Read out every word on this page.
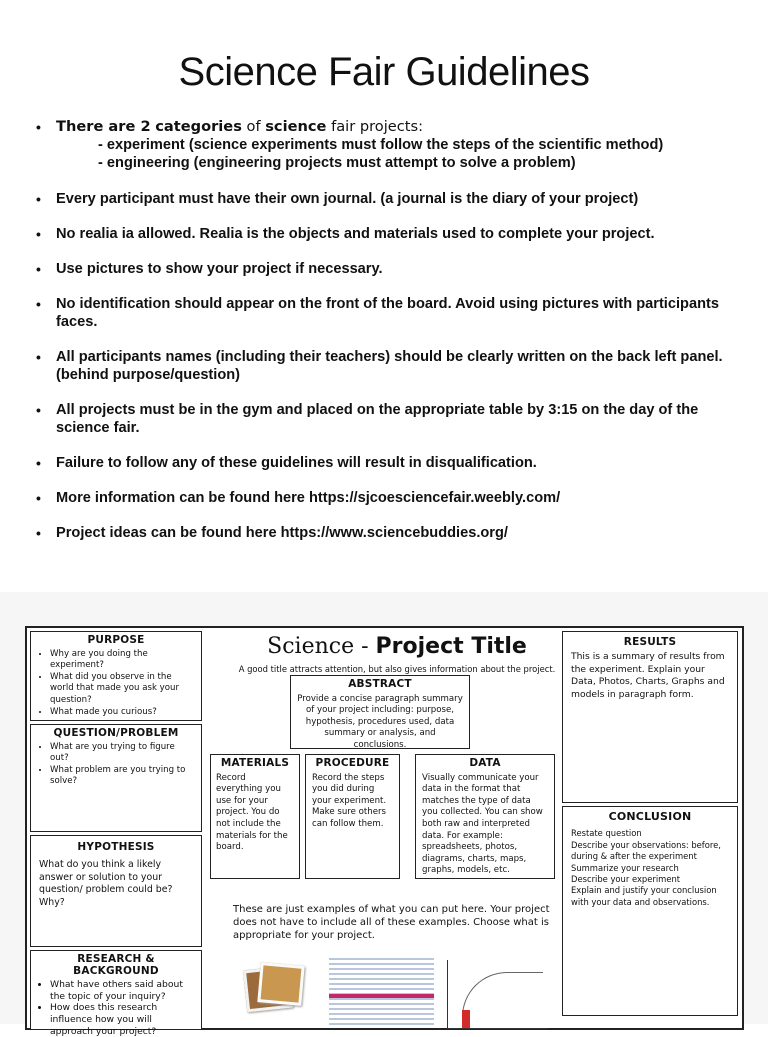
Science Fair Guidelines
• There are 2 categories of science fair projects:
- experiment (science experiments must follow the steps of the scientific method)
- engineering (engineering projects must attempt to solve a problem)
• Every participant must have their own journal. (a journal is the diary of your project)
• No realia ia allowed. Realia is the objects and materials used to complete your project.
• Use pictures to show your project if necessary.
• No identification should appear on the front of the board. Avoid using pictures with participants faces.
• All participants names (including their teachers) should be clearly written on the back left panel. (behind purpose/question)
• All projects must be in the gym and placed on the appropriate table by 3:15 on the day of the science fair.
• Failure to follow any of these guidelines will result in disqualification.
• More information can be found here https://sjcoesciencefair.weebly.com/
• Project ideas can be found here https://www.sciencebuddies.org/
PURPOSE
• Why are you doing the experiment?
• What did you observe in the world that made you ask your question?
• What made you curious?
QUESTION/PROBLEM
• What are you trying to figure out?
• What problem are you trying to solve?
HYPOTHESIS

What do you think a likely answer or solution to your question/ problem could be? Why?

RESEARCH & BACKGROUND
• What have others said about the topic of your inquiry?
• How does this research influence how you will approach your project?
Science - Project Title
A good title attracts attention, but also gives information about the project.
ABSTRACT

Provide a concise paragraph summary of your project including: purpose, hypothesis, procedures used, data summary or analysis, and conclusions.

MATERIALS

Record everything you use for your project. You do not include the materials for the board.

PROCEDURE

Record the steps you did during your experiment. Make sure others can follow them.

DATA

Visually communicate your data in the format that matches the type of data you collected. You can show both raw and interpreted data. For example: spreadsheets, photos, diagrams, charts, maps, graphs, models, etc.

These are just examples of what you can put here. Your project does not have to include all of these examples. Choose what is appropriate for your project.
RESULTS

This is a summary of results from the experiment. Explain your Data, Photos, Charts, Graphs and models in paragraph form.

CONCLUSION

Restate question

Describe your observations: before, during & after the experiment

Summarize your research

Describe your experiment

Explain and justify your conclusion with your data and observations.
